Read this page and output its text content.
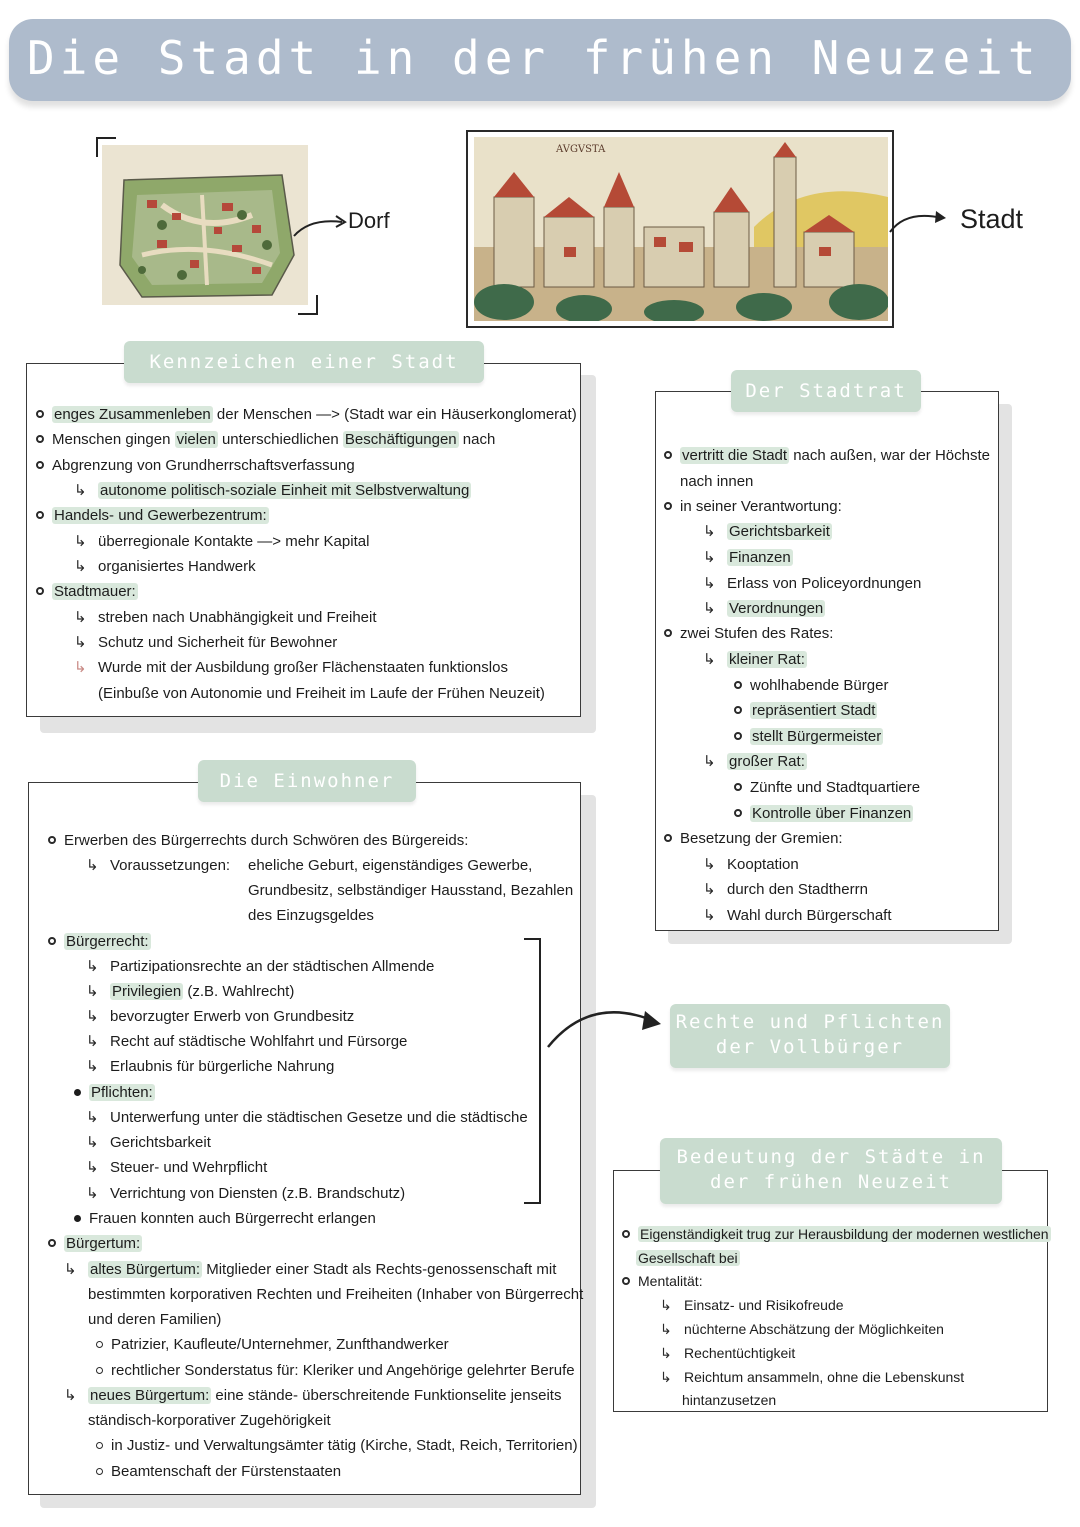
Die Stadt in der frühen Neuzeit
Dorf
AVGVSTA
Stadt
Kennzeichen einer Stadt
enges Zusammenleben der Menschen —> (Stadt war ein Häuserkonglomerat)
Menschen gingen vielen unterschiedlichen Beschäftigungen nach
Abgrenzung von Grundherrschaftsverfassung
↳ autonome politisch-soziale Einheit mit Selbstverwaltung
Handels- und Gewerbezentrum:
↳ überregionale Kontakte —> mehr Kapital
↳ organisiertes Handwerk
Stadtmauer:
↳ streben nach Unabhängigkeit und Freiheit
↳ Schutz und Sicherheit für Bewohner
↳ Wurde mit der Ausbildung großer Flächenstaaten funktionslos
(Einbuße von Autonomie und Freiheit im Laufe der Frühen Neuzeit)
Der Stadtrat
vertritt die Stadt nach außen, war der Höchste
nach innen
in seiner Verantwortung:
↳ Gerichtsbarkeit
↳ Finanzen
↳ Erlass von Policeyordnungen
↳ Verordnungen
zwei Stufen des Rates:
↳ kleiner Rat:
wohlhabende Bürger
repräsentiert Stadt
stellt Bürgermeister
↳ großer Rat:
Zünfte und Stadtquartiere
Kontrolle über Finanzen
Besetzung der Gremien:
↳ Kooptation
↳ durch den Stadtherrn
↳ Wahl durch Bürgerschaft
Die Einwohner
Erwerben des Bürgerrechts durch Schwören des Bürgereids:
↳ Voraussetzungen: eheliche Geburt, eigenständiges Gewerbe,
Grundbesitz, selbständiger Hausstand, Bezahlen
des Einzugsgeldes
Bürgerrecht:
↳ Partizipationsrechte an der städtischen Allmende
↳ Privilegien (z.B. Wahlrecht)
↳ bevorzugter Erwerb von Grundbesitz
↳ Recht auf städtische Wohlfahrt und Fürsorge
↳ Erlaubnis für bürgerliche Nahrung
Pflichten:
↳ Unterwerfung unter die städtischen Gesetze und die städtische
↳ Gerichtsbarkeit
↳ Steuer- und Wehrpflicht
↳ Verrichtung von Diensten (z.B. Brandschutz)
Frauen konnten auch Bürgerrecht erlangen
Bürgertum:
↳ altes Bürgertum: Mitglieder einer Stadt als Rechts-genossenschaft mit
bestimmten korporativen Rechten und Freiheiten (Inhaber von Bürgerrecht
und deren Familien)
Patrizier, Kaufleute/Unternehmer, Zunfthandwerker
rechtlicher Sonderstatus für: Kleriker und Angehörige gelehrter Berufe
↳ neues Bürgertum: eine stände- überschreitende Funktionselite jenseits
ständisch-korporativer Zugehörigkeit
in Justiz- und Verwaltungsämter tätig (Kirche, Stadt, Reich, Territorien)
Beamtenschaft der Fürstenstaaten
Rechte und Pflichten
der Vollbürger
Bedeutung der Städte in
der frühen Neuzeit
Eigenständigkeit trug zur Herausbildung der modernen westlichen
Gesellschaft bei
Mentalität:
↳ Einsatz- und Risikofreude
↳ nüchterne Abschätzung der Möglichkeiten
↳ Rechentüchtigkeit
↳ Reichtum ansammeln, ohne die Lebenskunst
hintanzusetzen
